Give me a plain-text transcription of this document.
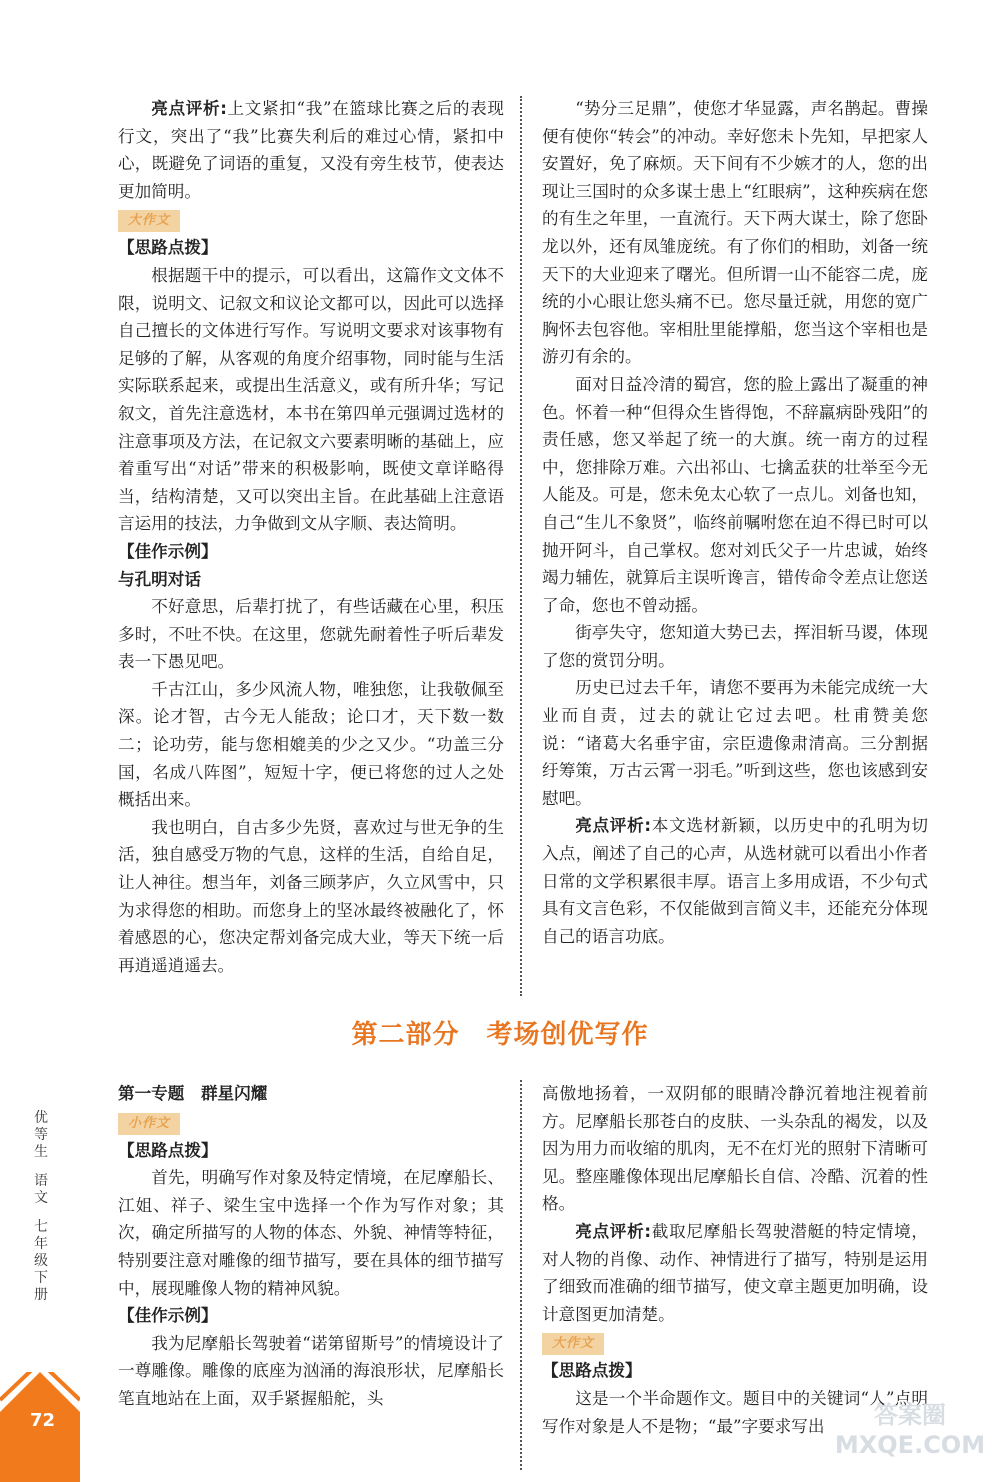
亮点评析:上文紧扣“我”在篮球比赛之后的表现行文，突出了“我”比赛失利后的难过心情，紧扣中心，既避免了词语的重复，又没有旁生枝节，使表达更加简明。

大作文

【思路点拨】

根据题干中的提示，可以看出，这篇作文文体不限，说明文、记叙文和议论文都可以，因此可以选择自己擅长的文体进行写作。写说明文要求对该事物有足够的了解，从客观的角度介绍事物，同时能与生活实际联系起来，或提出生活意义，或有所升华；写记叙文，首先注意选材，本书在第四单元强调过选材的注意事项及方法，在记叙文六要素明晰的基础上，应着重写出“对话”带来的积极影响，既使文章详略得当，结构清楚，又可以突出主旨。在此基础上注意语言运用的技法，力争做到文从字顺、表达简明。

【佳作示例】

与孔明对话

不好意思，后辈打扰了，有些话藏在心里，积压多时，不吐不快。在这里，您就先耐着性子听后辈发表一下愚见吧。

千古江山，多少风流人物，唯独您，让我敬佩至深。论才智，古今无人能敌；论口才，天下数一数二；论功劳，能与您相媲美的少之又少。“功盖三分国，名成八阵图”，短短十字，便已将您的过人之处概括出来。

我也明白，自古多少先贤，喜欢过与世无争的生活，独自感受万物的气息，这样的生活，自给自足，让人神往。想当年，刘备三顾茅庐，久立风雪中，只为求得您的相助。而您身上的坚冰最终被融化了，怀着感恩的心，您决定帮刘备完成大业，等天下统一后再逍遥逍遥去。

“势分三足鼎”，使您才华显露，声名鹊起。曹操便有使你“转会”的冲动。幸好您未卜先知，早把家人安置好，免了麻烦。天下间有不少嫉才的人，您的出现让三国时的众多谋士患上“红眼病”，这种疾病在您的有生之年里，一直流行。天下两大谋士，除了您卧龙以外，还有凤雏庞统。有了你们的相助，刘备一统天下的大业迎来了曙光。但所谓一山不能容二虎，庞统的小心眼让您头痛不已。您尽量迁就，用您的宽广胸怀去包容他。宰相肚里能撑船，您当这个宰相也是游刃有余的。

面对日益冷清的蜀宫，您的脸上露出了凝重的神色。怀着一种“但得众生皆得饱，不辞羸病卧残阳”的责任感，您又举起了统一的大旗。统一南方的过程中，您排除万难。六出祁山、七擒孟获的壮举至今无人能及。可是，您未免太心软了一点儿。刘备也知，自己“生儿不象贤”，临终前嘱咐您在迫不得已时可以抛开阿斗，自己掌权。您对刘氏父子一片忠诚，始终竭力辅佐，就算后主误听谗言，错传命令差点让您送了命，您也不曾动摇。

街亭失守，您知道大势已去，挥泪斩马谡，体现了您的赏罚分明。

历史已过去千年，请您不要再为未能完成统一大业而自责，过去的就让它过去吧。杜甫赞美您说：“诸葛大名垂宇宙，宗臣遗像肃清高。三分割据纡筹策，万古云霄一羽毛。”听到这些，您也该感到安慰吧。

亮点评析:本文选材新颖，以历史中的孔明为切入点，阐述了自己的心声，从选材就可以看出小作者日常的文学积累很丰厚。语言上多用成语，不少句式具有文言色彩，不仅能做到言简义丰，还能充分体现自己的语言功底。

第二部分　考场创优写作

第一专题　群星闪耀

小作文

【思路点拨】

首先，明确写作对象及特定情境，在尼摩船长、江姐、祥子、梁生宝中选择一个作为写作对象；其次，确定所描写的人物的体态、外貌、神情等特征，特别要注意对雕像的细节描写，要在具体的细节描写中，展现雕像人物的精神风貌。

【佳作示例】

我为尼摩船长驾驶着“诺第留斯号”的情境设计了一尊雕像。雕像的底座为汹涌的海浪形状，尼摩船长笔直地站在上面，双手紧握船舵，头

高傲地扬着，一双阴郁的眼睛冷静沉着地注视着前方。尼摩船长那苍白的皮肤、一头杂乱的褐发，以及因为用力而收缩的肌肉，无不在灯光的照射下清晰可见。整座雕像体现出尼摩船长自信、冷酷、沉着的性格。

亮点评析:截取尼摩船长驾驶潜艇的特定情境，对人物的肖像、动作、神情进行了描写，特别是运用了细致而准确的细节描写，使文章主题更加明确，设计意图更加清楚。

大作文

【思路点拨】

这是一个半命题作文。题目中的关键词“人”点明写作对象是人不是物；“最”字要求写出

优等生
语文
七年级下册
72	答案圈 MXQE.COM
